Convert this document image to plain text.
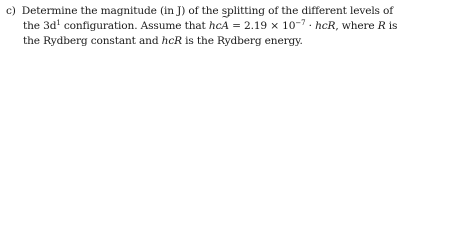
c) Determine the magnitude (in J) of the splitting of the different levels of
the $3d^1$ configuration. Assume that hcA ~ = $2.19 \times 10^{-7}$ · hcR, where R is
the Rydberg constant and hcR is the Rydberg energy.
